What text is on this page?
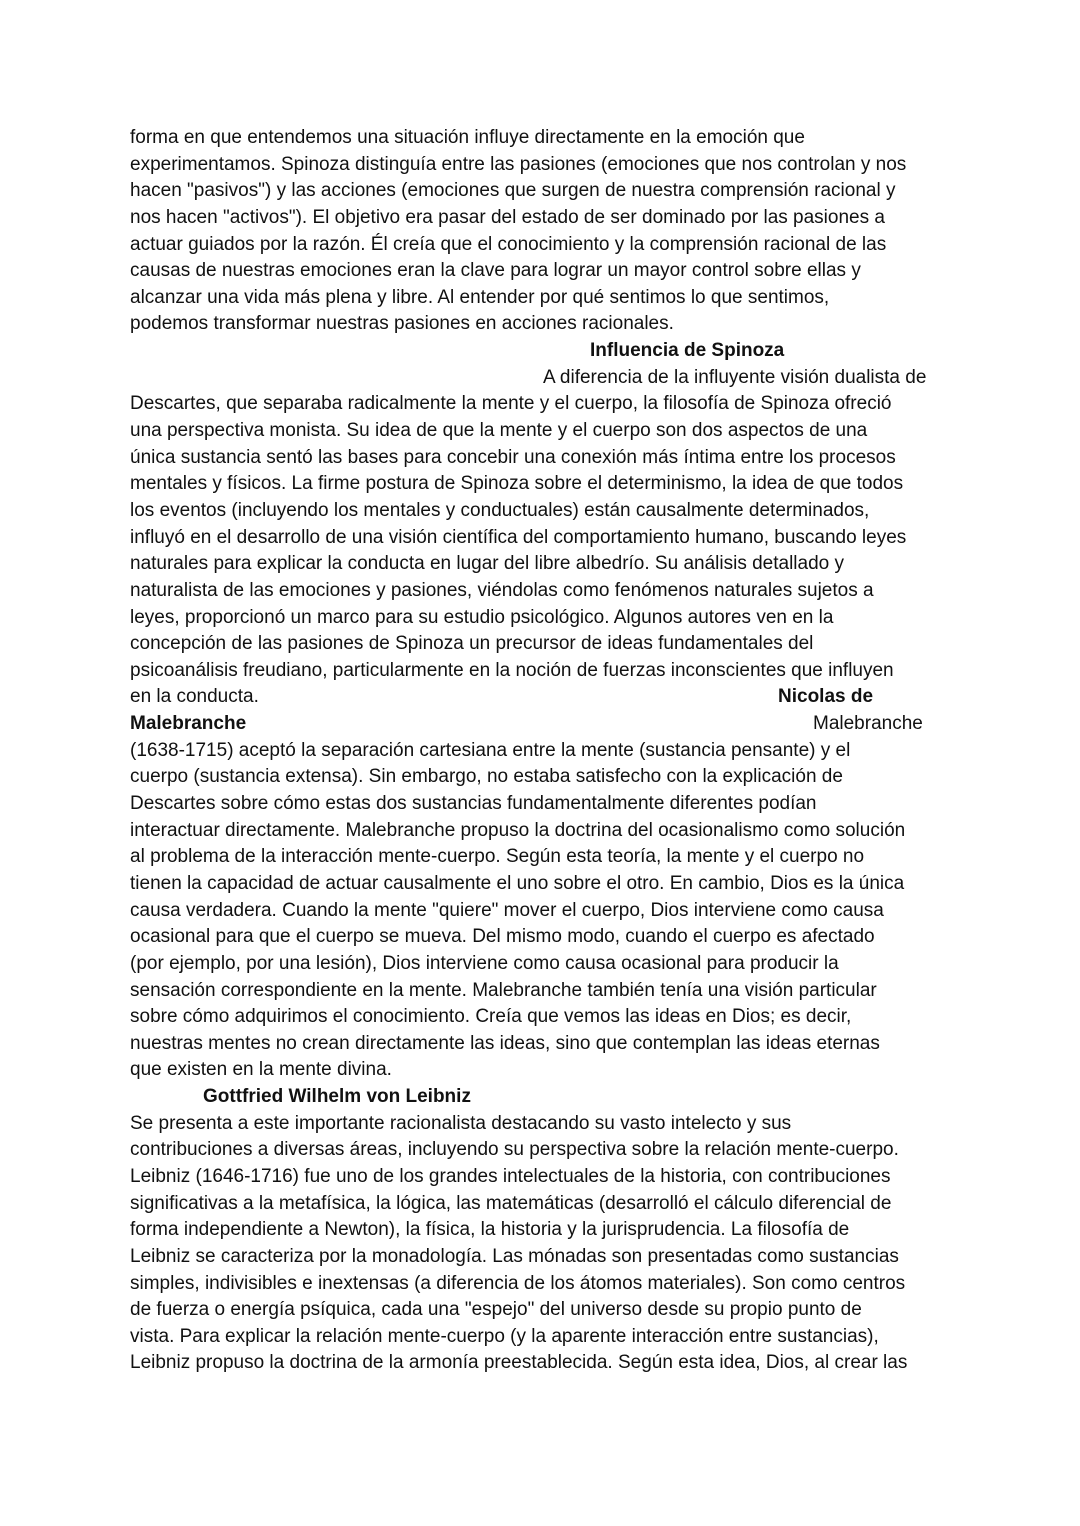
forma en que entendemos una situación influye directamente en la emoción que
experimentamos. Spinoza distinguía entre las pasiones (emociones que nos controlan y nos
hacen "pasivos") y las acciones (emociones que surgen de nuestra comprensión racional y
nos hacen "activos"). El objetivo era pasar del estado de ser dominado por las pasiones a
actuar guiados por la razón. Él creía que el conocimiento y la comprensión racional de las
causas de nuestras emociones eran la clave para lograr un mayor control sobre ellas y
alcanzar una vida más plena y libre. Al entender por qué sentimos lo que sentimos,
podemos transformar nuestras pasiones en acciones racionales.
Influencia de Spinoza
A diferencia de la influyente visión dualista de
Descartes, que separaba radicalmente la mente y el cuerpo, la filosofía de Spinoza ofreció
una perspectiva monista. Su idea de que la mente y el cuerpo son dos aspectos de una
única sustancia sentó las bases para concebir una conexión más íntima entre los procesos
mentales y físicos. La firme postura de Spinoza sobre el determinismo, la idea de que todos
los eventos (incluyendo los mentales y conductuales) están causalmente determinados,
influyó en el desarrollo de una visión científica del comportamiento humano, buscando leyes
naturales para explicar la conducta en lugar del libre albedrío. Su análisis detallado y
naturalista de las emociones y pasiones, viéndolas como fenómenos naturales sujetos a
leyes, proporcionó un marco para su estudio psicológico. Algunos autores ven en la
concepción de las pasiones de Spinoza un precursor de ideas fundamentales del
psicoanálisis freudiano, particularmente en la noción de fuerzas inconscientes que influyen
en la conducta.	Nicolas de
Malebranche	Malebranche
(1638-1715) aceptó la separación cartesiana entre la mente (sustancia pensante) y el
cuerpo (sustancia extensa). Sin embargo, no estaba satisfecho con la explicación de
Descartes sobre cómo estas dos sustancias fundamentalmente diferentes podían
interactuar directamente. Malebranche propuso la doctrina del ocasionalismo como solución
al problema de la interacción mente-cuerpo. Según esta teoría, la mente y el cuerpo no
tienen la capacidad de actuar causalmente el uno sobre el otro. En cambio, Dios es la única
causa verdadera. Cuando la mente "quiere" mover el cuerpo, Dios interviene como causa
ocasional para que el cuerpo se mueva. Del mismo modo, cuando el cuerpo es afectado
(por ejemplo, por una lesión), Dios interviene como causa ocasional para producir la
sensación correspondiente en la mente. Malebranche también tenía una visión particular
sobre cómo adquirimos el conocimiento. Creía que vemos las ideas en Dios; es decir,
nuestras mentes no crean directamente las ideas, sino que contemplan las ideas eternas
que existen en la mente divina.
Gottfried Wilhelm von Leibniz
Se presenta a este importante racionalista destacando su vasto intelecto y sus
contribuciones a diversas áreas, incluyendo su perspectiva sobre la relación mente-cuerpo.
Leibniz (1646-1716) fue uno de los grandes intelectuales de la historia, con contribuciones
significativas a la metafísica, la lógica, las matemáticas (desarrolló el cálculo diferencial de
forma independiente a Newton), la física, la historia y la jurisprudencia. La filosofía de
Leibniz se caracteriza por la monadología. Las mónadas son presentadas como sustancias
simples, indivisibles e inextensas (a diferencia de los átomos materiales). Son como centros
de fuerza o energía psíquica, cada una "espejo" del universo desde su propio punto de
vista. Para explicar la relación mente-cuerpo (y la aparente interacción entre sustancias),
Leibniz propuso la doctrina de la armonía preestablecida. Según esta idea, Dios, al crear las
